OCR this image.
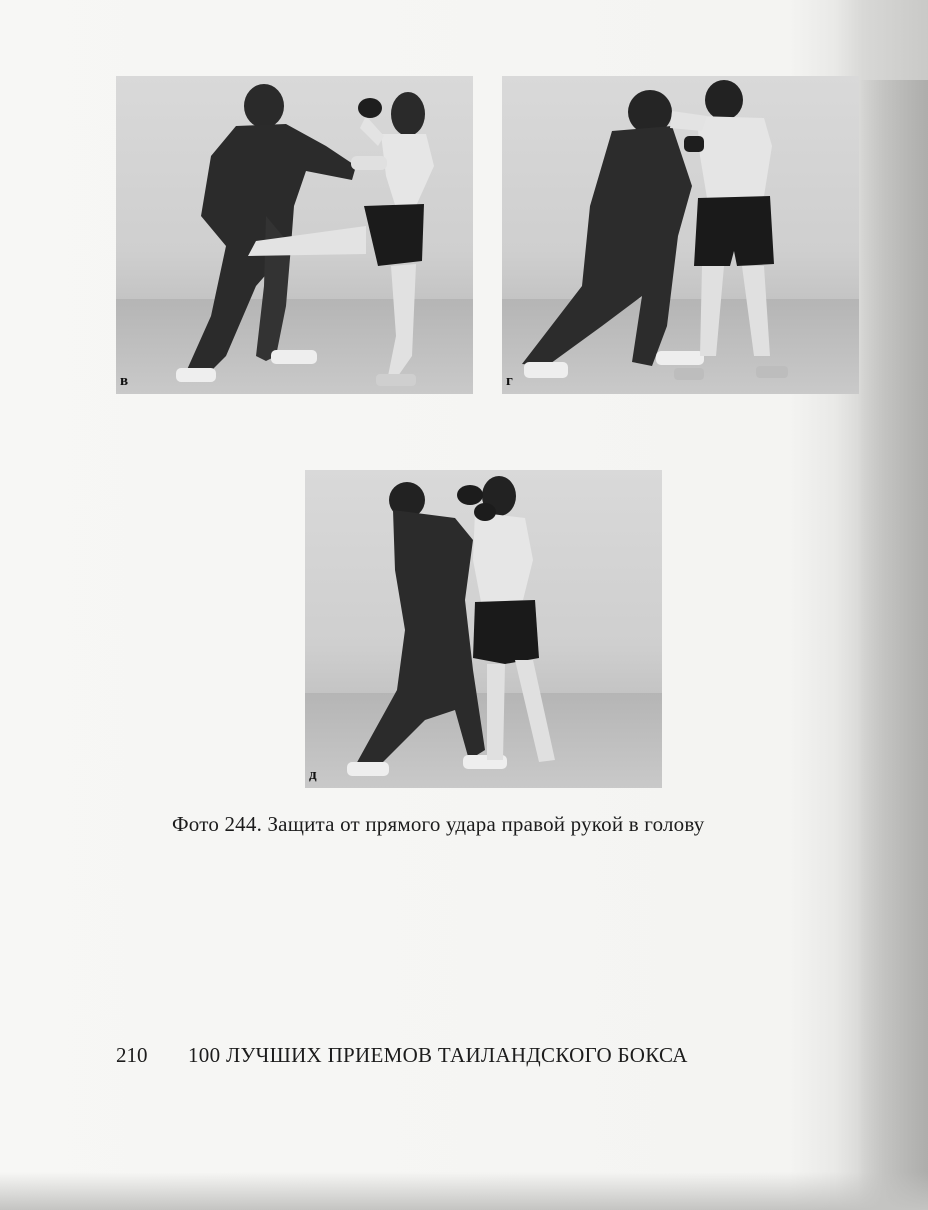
в	г
д
Фото 244. Защита от прямого удара правой рукой в голову
210 100 ЛУЧШИХ ПРИЕМОВ ТАИЛАНДСКОГО БОКСА
